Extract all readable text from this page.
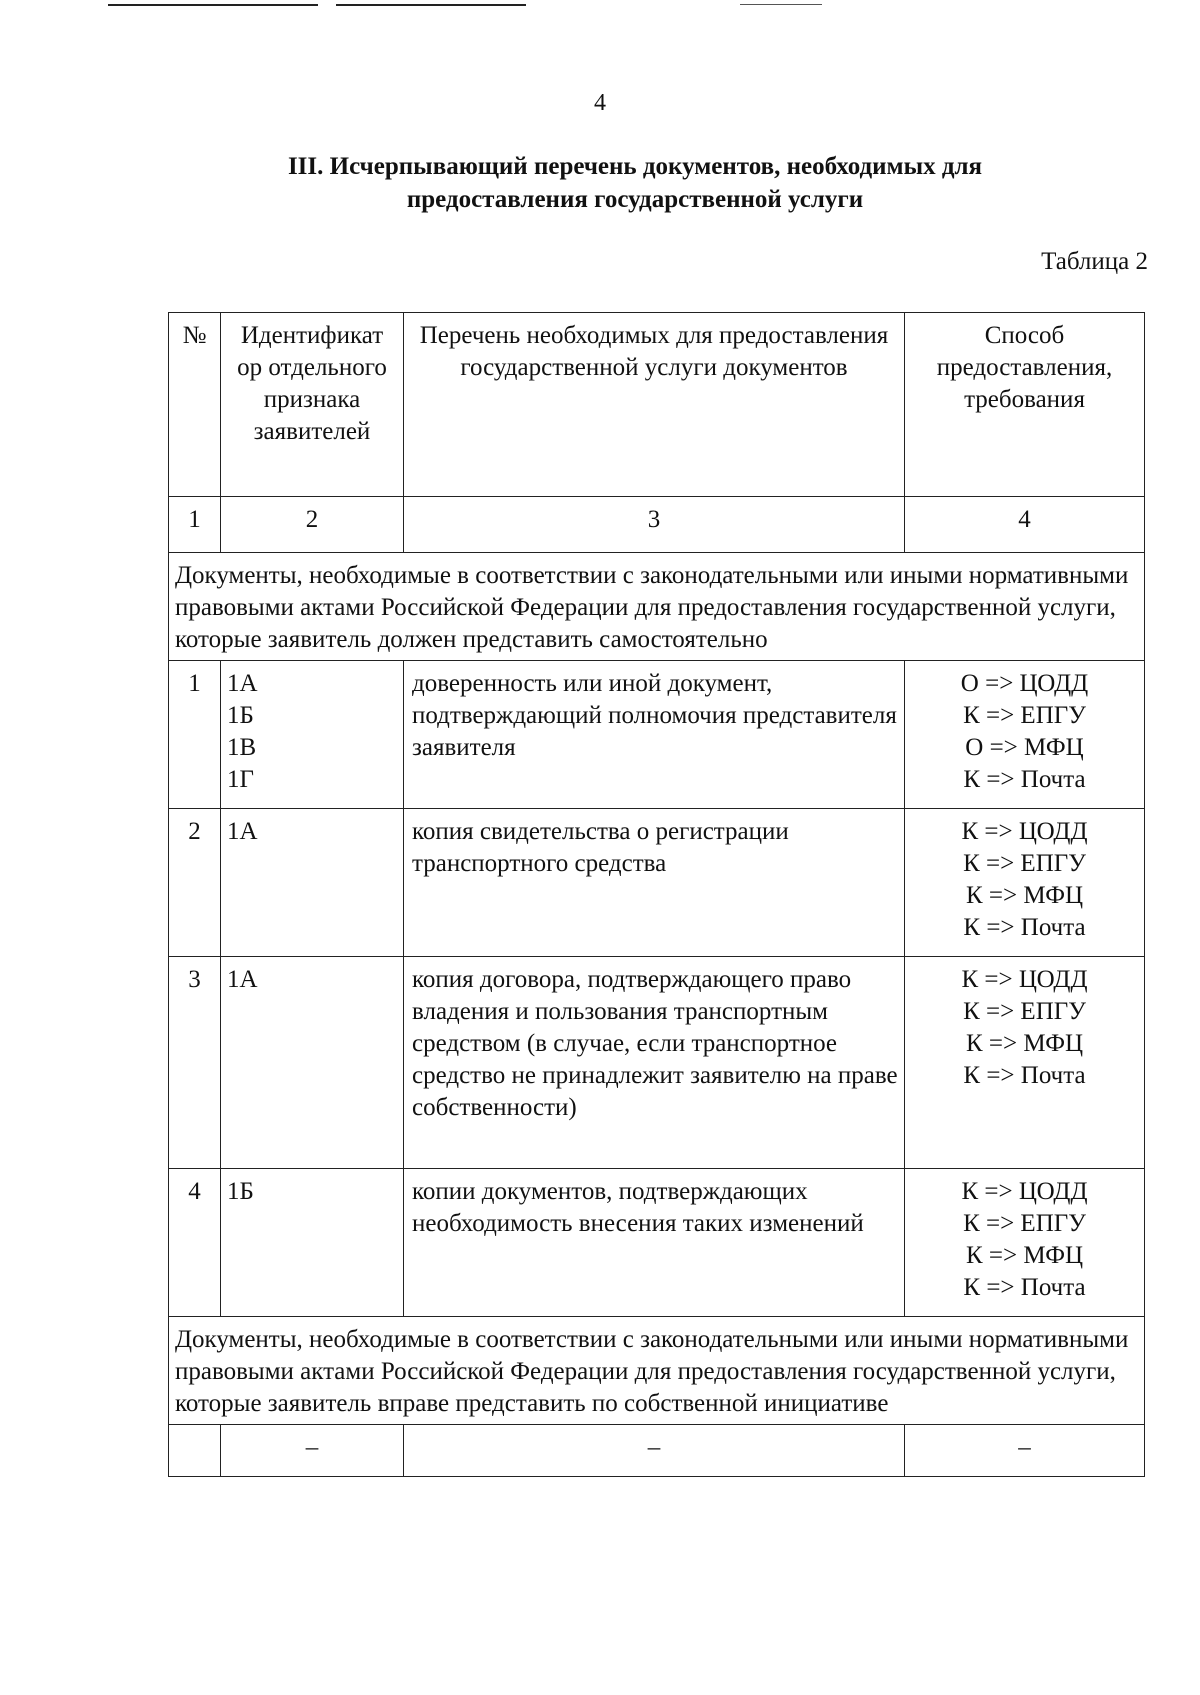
4
III. Исчерпывающий перечень документов, необходимых для
предоставления государственной услуги
Таблица 2
№	Идентификат ор отдельного признака заявителей	Перечень необходимых для предоставления государственной услуги документов	Способ предоставления, требования
1	2	3	4
Документы, необходимые в соответствии с законодательными или иными нормативными правовыми актами Российской Федерации для предоставления государственной услуги, которые заявитель должен представить самостоятельно			
1	1А
1Б
1В
1Г	доверенность или иной документ, подтверждающий полномочия представителя заявителя	О => ЦОДД
К => ЕПГУ
О => МФЦ
К => Почта

2	1А	копия свидетельства о регистрации транспортного средства	К => ЦОДД
К => ЕПГУ
К => МФЦ
К => Почта

3	1А	копия договора, подтверждающего право владения и пользования транспортным средством (в случае, если транспортное средство не принадлежит заявителю на праве собственности)	К => ЦОДД
К => ЕПГУ
К => МФЦ
К => Почта

4	1Б	копии документов, подтверждающих необходимость внесения таких изменений	К => ЦОДД
К => ЕПГУ
К => МФЦ
К => Почта

Документы, необходимые в соответствии с законодательными или иными нормативными правовыми актами Российской Федерации для предоставления государственной услуги, которые заявитель вправе представить по собственной инициативе			
	–	–	–
